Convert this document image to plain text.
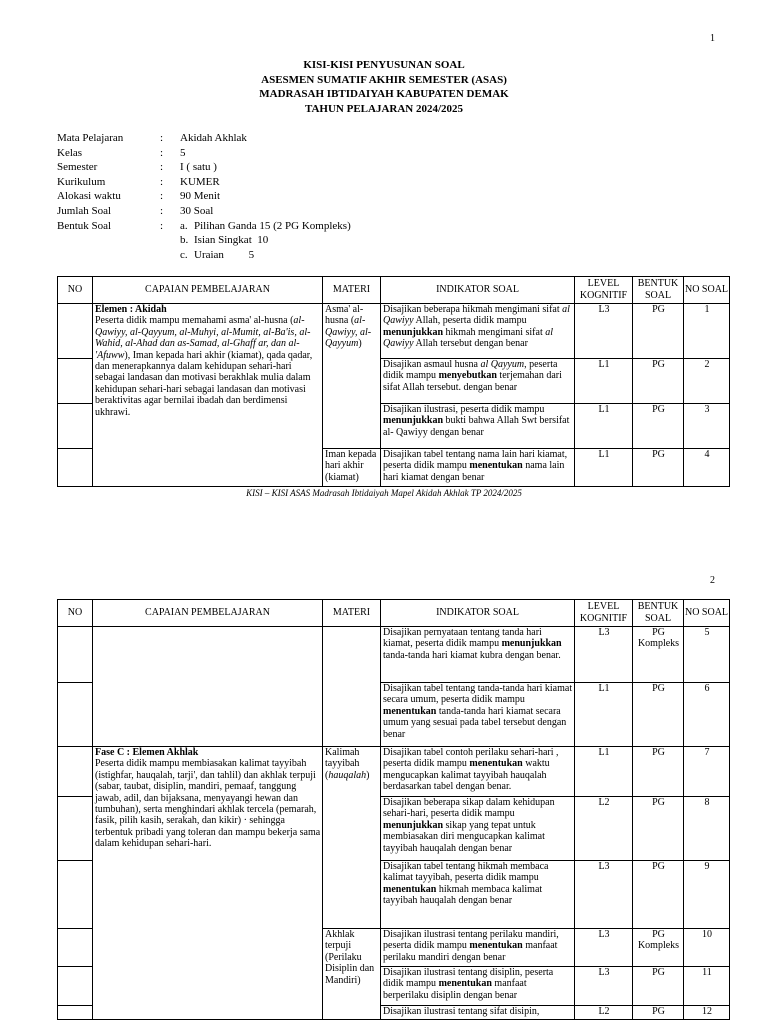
1
KISI-KISI PENYUSUNAN SOAL
ASESMEN SUMATIF AKHIR SEMESTER (ASAS)
MADRASAH IBTIDAIYAH KABUPATEN DEMAK
TAHUN PELAJARAN 2024/2025
Mata Pelajaran	:	Akidah Akhlak
Kelas	:	5
Semester	:	I ( satu )
Kurikulum	:	KUMER
Alokasi waktu	:	90 Menit
Jumlah Soal	:	30 Soal
Bentuk Soal	:	a. Pilihan Ganda 15 (2 PG Kompleks)
b. Isian Singkat  10
c. Uraian         5
NO	CAPAIAN PEMBELAJARAN	MATERI	INDIKATOR SOAL	LEVEL KOGNITIF	BENTUK SOAL	NO SOAL
	Elemen : Akidah
Peserta didik mampu memahami asma' al-husna (al-Qawiyy, al-Qayyum, al-Muhyi, al-Mumit, al-Ba'is, al-Wahid, al-Ahad dan as-Samad, al-Ghaff ar, dan al- 'Afuww), Iman kepada hari akhir (kiamat), qada qadar, dan menerapkannya dalam kehidupan sehari-hari sebagai landasan dan motivasi berakhlak mulia dalam kehidupan sehari-hari sebagai landasan dan motivasi beraktivitas agar bernilai ibadah dan berdimensi ukhrawi.	Asma' al-husna (al-Qawiyy, al-Qayyum)	Disajikan beberapa hikmah mengimani sifat al Qawiyy Allah, peserta didik mampu menunjukkan hikmah mengimani sifat al Qawiyy Allah tersebut dengan benar	L3	PG	1
			Disajikan asmaul husna al Qayyum, peserta didik mampu menyebutkan terjemahan dari sifat Allah tersebut. dengan benar	L1	PG	2
			Disajikan ilustrasi, peserta didik mampu menunjukkan bukti bahwa Allah Swt bersifat al- Qawiyy dengan benar	L1	PG	3
		Iman kepada hari akhir (kiamat)	Disajikan tabel tentang nama lain hari kiamat, peserta didik mampu menentukan nama lain hari kiamat dengan benar	L1	PG	4
KISI – KISI ASAS Madrasah Ibtidaiyah Mapel Akidah Akhlak TP 2024/2025
2
NO	CAPAIAN PEMBELAJARAN	MATERI	INDIKATOR SOAL	LEVEL KOGNITIF	BENTUK SOAL	NO SOAL
			Disajikan pernyataan tentang tanda hari kiamat, peserta didik mampu menunjukkan tanda-tanda hari kiamat kubra dengan benar.	L3	PG Kompleks	5
			Disajikan tabel tentang tanda-tanda hari kiamat secara umum, peserta didik mampu menentukan tanda-tanda hari kiamat secara umum yang sesuai pada tabel tersebut dengan benar	L1	PG	6
	Fase C : Elemen Akhlak
Peserta didik mampu membiasakan kalimat tayyibah (istighfar, hauqalah, tarji', dan tahlil) dan akhlak terpuji (sabar, taubat, disiplin, mandiri, pemaaf, tanggung jawab, adil, dan bijaksana, menyayangi hewan dan tumbuhan), serta menghindari akhlak tercela (pemarah, fasik, pilih kasih, serakah, dan kikir) · sehingga terbentuk pribadi yang toleran dan mampu bekerja sama dalam kehidupan sehari-hari.	Kalimah tayyibah (hauqalah)	Disajikan tabel contoh perilaku sehari-hari , peserta didik mampu menentukan waktu mengucapkan kalimat tayyibah hauqalah berdasarkan tabel dengan benar.	L1	PG	7
			Disajikan beberapa sikap dalam kehidupan sehari-hari, peserta didik mampu menunjukkan sikap yang tepat untuk membiasakan diri mengucapkan kalimat tayyibah hauqalah dengan benar	L2	PG	8
			Disajikan tabel tentang hikmah membaca kalimat tayyibah, peserta didik mampu menentukan hikmah membaca kalimat tayyibah hauqalah dengan benar	L3	PG	9
		Akhlak terpuji (Perilaku Disiplin dan Mandiri)	Disajikan ilustrasi tentang perilaku mandiri, peserta didik mampu menentukan manfaat perilaku mandiri dengan benar	L3	PG Kompleks	10
			Disajikan ilustrasi tentang disiplin, peserta didik mampu menentukan manfaat berperilaku disiplin dengan benar	L3	PG	11
			Disajikan ilustrasi tentang sifat disipin,	L2	PG	12
